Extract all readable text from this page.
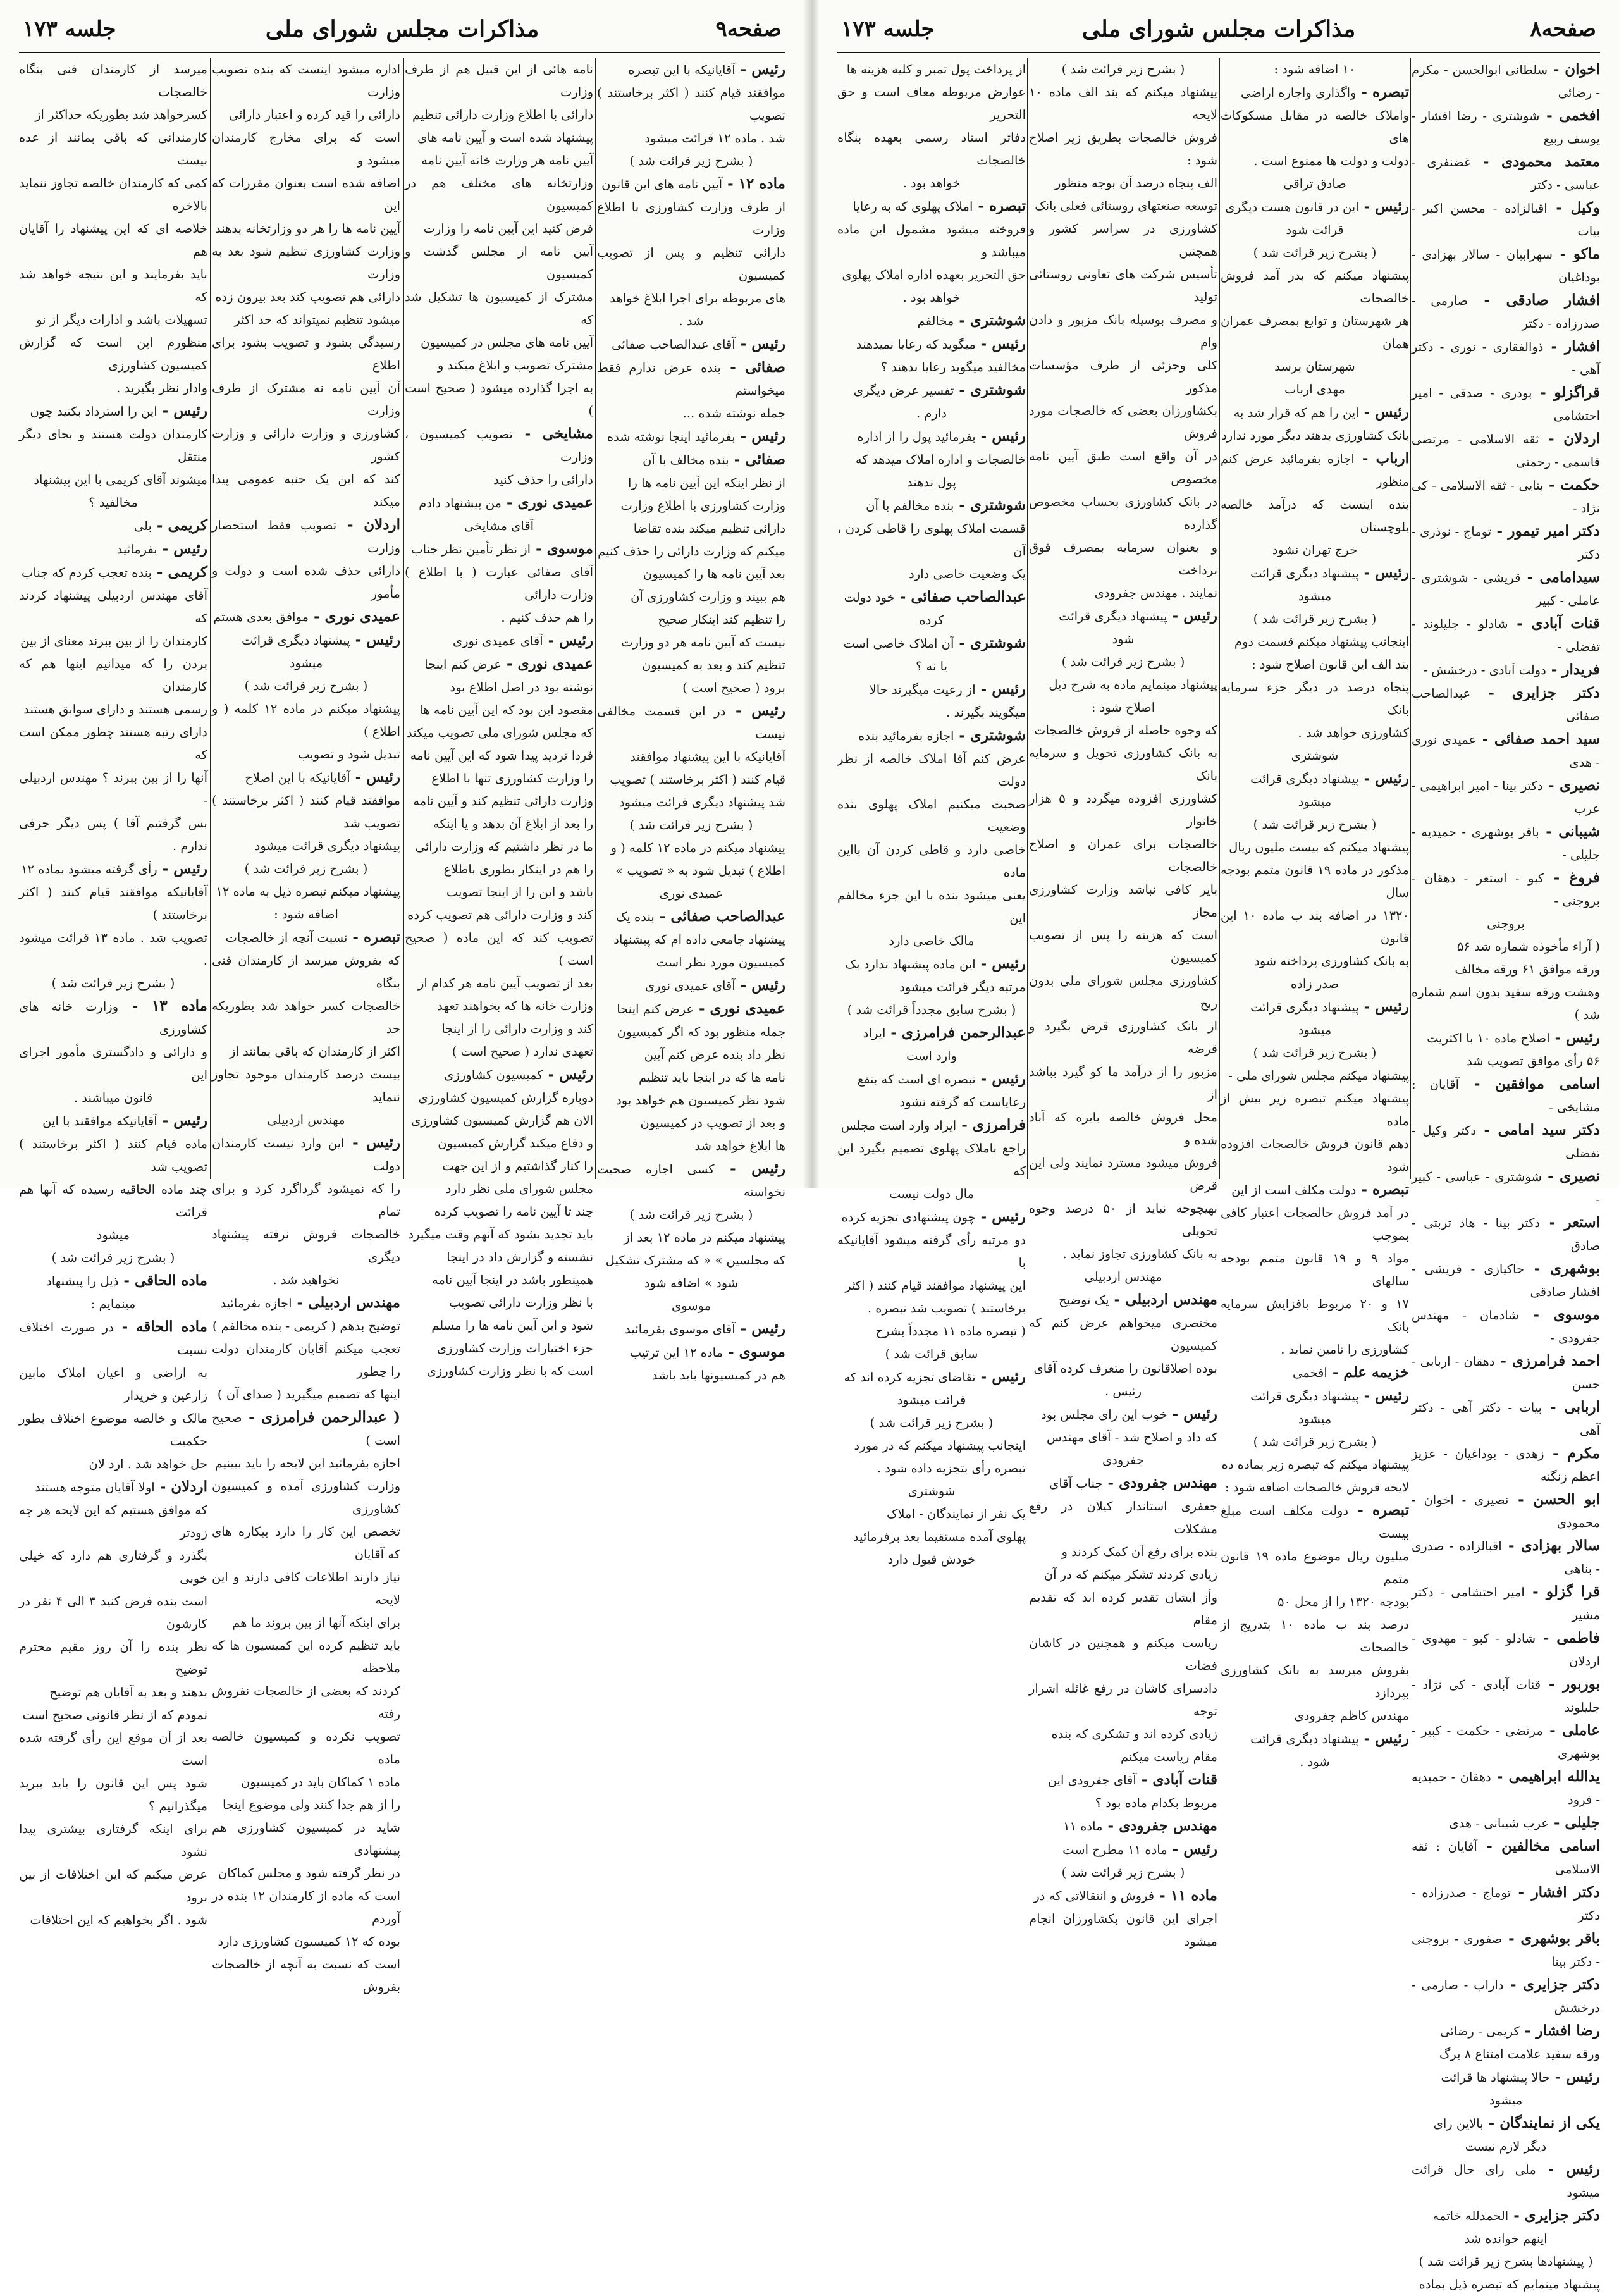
جلسه ۱۷۳	مذاکرات مجلس شورای ملی	صفحه۹

میرسد از کارمندان فنی بنگاه خالصجات

کسرخواهد شد بطوریکه حداکثر از

کارمندانی که باقی بمانند از عده بیست

کمی که کارمندان خالصه تجاوز ننماید بالاخره

خلاصه ای که این پیشنهاد را آقایان هم

باید بفرمایند و این نتیجه خواهد شد که

تسهیلات باشد و ادارات دیگر از نو

منظورم این است که گزارش کمیسیون کشاورزی

وادار نظر بگیرید .

رئیس - این را استرداد بکنید چون

کارمندان دولت هستند و بجای دیگر منتقل

میشوند آقای کریمی با این پیشنهاد

مخالفید ؟

کریمی - بلی

رئیس - بفرمائید

کریمی - بنده تعجب کردم که جناب

آقای مهندس اردبیلی پیشنهاد کردند که

کارمندان را از بین ببرند معنای از بین

بردن را که میدانیم اینها هم که کارمندان

رسمی هستند و دارای سوابق هستند

دارای رتبه هستند چطور ممکن است که

آنها را از بین ببرند ؟ مهندس اردبیلی -

بس گرفتیم آقا ) پس دیگر حرفی ندارم .

رئیس - رأی گرفته میشود بماده ۱۲

آقایانیکه موافقند قیام کنند ( اکثر برخاستند )

تصویب شد . ماده ۱۳ قرائت میشود .

( بشرح زیر قرائت شد )

ماده ۱۳ - وزارت خانه های کشاورزی

و دارائی و دادگستری مأمور اجرای این

قانون میباشند .

رئیس - آقایانیکه موافقند با این

ماده قیام کنند ( اکثر برخاستند ) تصویب شد

چند ماده الحاقیه رسیده که آنها هم قرائت

میشود

( بشرح زیر قرائت شد )

ماده الحاقی - ذیل را پیشنهاد

مینمایم :

ماده الحاقه - در صورت اختلاف نسبت

به اراضی و اعیان املاک مابین زارعین و خریدار

مالک و خالصه موضوع اختلاف بطور حکمیت

حل خواهد شد . ارد لان

اردلان - اولا آقایان متوجه هستند

که موافق هستیم که این لایحه هر چه زودتر

بگذرد و گرفتاری هم دارد که خیلی خوبی

است بنده فرض کنید ۳ الی ۴ نفر در کارشون

نظر بنده را آن روز مقیم محترم توضیح

بدهند و بعد به آقایان هم توضیح

نمودم که از نظر قانونی صحیح است

بعد از آن موقع این رأی گرفته شده است

شود پس این قانون را باید ببرید میگذرانیم ؟

برای اینکه گرفتاری بیشتری پیدا نشود

عرض میکنم که این اختلافات از بین برود

شود . اگر بخواهیم که این اختلافات

اداره میشود اینست که بنده تصویب وزارت

دارائی را قید کرده و اعتبار دارائی

است که برای مخارج کارمندان میشود و

اضافه شده است بعنوان مقررات که این

آیین نامه ها را هر دو وزارتخانه بدهند

وزارت کشاورزی تنظیم شود بعد به وزارت

دارائی هم تصویب کند بعد بیرون زده

میشود تنظیم نمیتواند که حد اکثر

رسیدگی بشود و تصویب بشود برای اطلاع

آن آیین نامه نه مشترک از طرف وزارت

کشاورزی و وزارت دارائی و وزارت کشور

کند که این یک جنبه عمومی پیدا میکند

اردلان - تصویب فقط استحضار وزارت

دارائی حذف شده است و دولت و مأمور

عمیدی نوری - موافق بعدی هستم

رئیس - پیشنهاد دیگری قرائت

میشود

( بشرح زیر قرائت شد )

پیشنهاد میکنم در ماده ۱۲ کلمه ( و اطلاع )

تبدیل شود و تصویب

رئیس - آقایانیکه با این اصلاح

موافقند قیام کنند ( اکثر برخاستند ) تصویب شد

پیشنهاد دیگری قرائت میشود

( بشرح زیر قرائت شد )

پیشنهاد میکنم تبصره ذیل به ماده ۱۲

اضافه شود :

تبصره - نسبت آنچه از خالصجات

که بفروش میرسد از کارمندان فنی بنگاه

خالصجات کسر خواهد شد بطوریکه حد

اکثر از کارمندان که باقی بمانند از

بیست درصد کارمندان موجود تجاوز ننماید

مهندس اردبیلی

رئیس - این وارد نیست کارمندان دولت

را که نمیشود گرداگرد کرد و برای تمام

خالصجات فروش نرفته پیشنهاد دیگری

نخواهید شد .

مهندس اردبیلی - اجازه بفرمائید

توضیح بدهم ( کریمی - بنده مخالفم )

تعجب میکنم آقایان کارمندان دولت را چطور

اینها که تصمیم میگیرید ( صدای آن )

( عبدالرحمن فرامرزی - صحیح است )

اجازه بفرمائید این لایحه را باید ببینیم

وزارت کشاورزی آمده و کمیسیون کشاورزی

تخصص این کار را دارد بیکاره های که آقایان

نیاز دارند اطلاعات کافی دارند و این لایحه

برای اینکه آنها از بین بروند ما هم

باید تنظیم کرده این کمیسیون ها که ملاحظه

کردند که بعضی از خالصجات نفروش رفته

تصویب نکرده و کمیسیون خالصه ماده

ماده ۱ کماکان باید در کمیسیون

را از هم جدا کنند ولی موضوع اینجا

شاید در کمیسیون کشاورزی هم پیشنهادی

در نظر گرفته شود و مجلس کماکان

است که ماده از کارمندان ۱۲ بنده در آوردم

بوده که ۱۲ کمیسیون کشاورزی دارد

است که نسبت به آنچه از خالصجات بفروش

نامه هائی از این قبیل هم از طرف وزارت

دارائی با اطلاع وزارت دارائی تنظیم

پیشنهاد شده است و آیین نامه های

آیین نامه هر وزارت خانه آیین نامه

وزارتخانه های مختلف هم در کمیسیون

فرض کنید این آیین نامه را وزارت

آیین نامه از مجلس گذشت و کمیسیون

مشترک از کمیسیون ها تشکیل شد که

آیین نامه های مجلس در کمیسیون

مشترک تصویب و ابلاغ میکند و

به اجرا گذارده میشود ( صحیح است )

مشایخی - تصویب کمیسیون ، وزارت

دارائی را حذف کنید

عمیدی نوری - من پیشنهاد دادم

آقای مشایخی

موسوی - از نظر تأمین نظر جناب

آقای صفائی عبارت ( با اطلاع ) وزارت دارائی

را هم حذف کنیم .

رئیس - آقای عمیدی نوری

عمیدی نوری - عرض کنم اینجا

نوشته بود در اصل اطلاع بود

مقصود این بود که این آیین نامه ها

که مجلس شورای ملی تصویب میکند

فردا تردید پیدا شود که این آیین نامه

را وزارت کشاورزی تنها با اطلاع

وزارت دارائی تنظیم کند و آیین نامه

را بعد از ابلاغ آن بدهد و یا اینکه

ما در نظر داشتیم که وزارت دارائی

را هم در اینکار بطوری باطلاع

باشد و این را از اینجا تصویب

کند و وزارت دارائی هم تصویب کرده

تصویب کند که این ماده ( صحیح است )

بعد از تصویب آیین نامه هر کدام از

وزارت خانه ها که بخواهند تعهد

کند و وزارت دارائی را از اینجا

تعهدی ندارد ( صحیح است )

رئیس - کمیسیون کشاورزی

دوباره گزارش کمیسیون کشاورزی

الان هم گزارش کمیسیون کشاورزی

و دفاع میکند گزارش کمیسیون

را کنار گذاشتیم و از این جهت

مجلس شورای ملی نظر دارد

چند تا آیین نامه را تصویب کرده

باید تجدید بشود که آنهم وقت میگیرد

نشسته و گزارش داد در اینجا

همینطور باشد در اینجا آیین نامه

با نظر وزارت دارائی تصویب

شود و این آیین نامه ها را مسلم

جزء اختیارات وزارت کشاورزی

است که با نظر وزارت کشاورزی

رئیس - آقایانیکه با این تبصره

موافقند قیام کنند ( اکثر برخاستند ) تصویب

شد . ماده ۱۲ قرائت میشود

( بشرح زیر قرائت شد )

ماده ۱۲ - آیین نامه های این قانون

از طرف وزارت کشاورزی با اطلاع وزارت

دارائی تنظیم و پس از تصویب کمیسیون

های مربوطه برای اجرا ابلاغ خواهد

شد .

رئیس - آقای عبدالصاحب صفائی

صفائی - بنده عرض ندارم فقط میخواستم

جمله نوشته شده ...

رئیس - بفرمائید اینجا نوشته شده

صفائی - بنده مخالف با آن

از نظر اینکه این آیین نامه ها را

وزارت کشاورزی با اطلاع وزارت

دارائی تنظیم میکند بنده تقاضا

میکنم که وزارت دارائی را حذف کنیم

بعد آیین نامه ها را کمیسیون

هم ببیند و وزارت کشاورزی آن

را تنظیم کند اینکار صحیح

نیست که آیین نامه هر دو وزارت

تنظیم کند و بعد به کمیسیون

برود ( صحیح است )

رئیس - در این قسمت مخالفی نیست

آقایانیکه با این پیشنهاد موافقند

قیام کنند ( اکثر برخاستند ) تصویب

شد پیشنهاد دیگری قرائت میشود

( بشرح زیر قرائت شد )

پیشنهاد میکنم در ماده ۱۲ کلمه ( و

اطلاع ) تبدیل شود به « تصویب »

عمیدی نوری

عبدالصاحب صفائی - بنده یک

پیشنهاد جامعی داده ام که پیشنهاد

کمیسیون مورد نظر است

رئیس - آقای عمیدی نوری

عمیدی نوری - عرض کنم اینجا

جمله منظور بود که اگر کمیسیون

نظر داد بنده عرض کنم آیین

نامه ها که در اینجا باید تنظیم

شود نظر کمیسیون هم خواهد بود

و بعد از تصویب در کمیسیون

ها ابلاغ خواهد شد

رئیس - کسی اجازه صحبت نخواسته

( بشرح زیر قرائت شد )

پیشنهاد میکنم در ماده ۱۲ بعد از

که مجلسین » « که مشترک تشکیل

شود » اضافه شود

موسوی

رئیس - آقای موسوی بفرمائید

موسوی - ماده ۱۲ این ترتیب

هم در کمیسیونها باید باشد

جلسه ۱۷۳	مذاکرات مجلس شورای ملی	صفحه۸

از پرداخت پول تمبر و کلیه هزینه ها

عوارض مربوطه معاف است و حق التحریر

دفاتر اسناد رسمی بعهده بنگاه خالصجات

خواهد بود .

تبصره - املاک پهلوی که به رعایا

فروخته میشود مشمول این ماده میباشد و

حق التحریر بعهده اداره املاک پهلوی

خواهد بود .

شوشتری - مخالفم

رئیس - میگوید که رعایا نمیدهند

مخالفید میگوید رعایا بدهند ؟

شوشتری - تفسیر عرض دیگری

دارم .

رئیس - بفرمائید پول را از اداره

خالصجات و اداره املاک میدهد که

پول ندهند

شوشتری - بنده مخالفم با آن

قسمت املاک پهلوی را قاطی کردن ، آن

یک وضعیت خاصی دارد

عبدالصاحب صفائی - خود دولت

کرده

شوشتری - آن املاک خاصی است

یا نه ؟

رئیس - از رعیت میگیرند حالا

میگویند بگیرند .

شوشتری - اجازه بفرمائید بنده

عرض کنم آقا املاک خالصه از نظر دولت

صحبت میکنیم املاک پهلوی بنده وضعیت

خاصی دارد و قاطی کردن آن بااین ماده

یعنی میشود بنده با این جزء مخالفم این

مالک خاصی دارد

رئیس - این ماده پیشنهاد ندارد بک

مرتبه دیگر قرائت میشود

( بشرح سابق مجدداً قرائت شد )

عبدالرحمن فرامرزی - ایراد

وارد است

رئیس - تبصره ای است که بنفع

رعایاست که گرفته نشود

فرامرزی - ایراد وارد است مجلس

راجع باملاک پهلوی تصمیم بگیرد این که

مال دولت نیست

رئیس - چون پیشنهادی تجزیه کرده

دو مرتبه رأی گرفته میشود آقایانیکه با

این پیشنهاد موافقند قیام کنند ( اکثر

برخاستند ) تصویب شد تبصره .

( تبصره ماده ۱۱ مجدداً بشرح

سابق قرائت شد )

رئیس - تقاضای تجزیه کرده اند که

قرائت میشود

( بشرح زیر قرائت شد )

اینجانب پیشنهاد میکنم که در مورد

تبصره رأی بتجزیه داده شود .

شوشتری

یک نفر از نمایندگان - املاک

پهلوی آمده مستقیما بعد برفرمائید

خودش قبول دارد

( بشرح زیر قرائت شد )

پیشنهاد میکنم که بند الف ماده ۱۰ لایحه

فروش خالصجات بطریق زیر اصلاح شود :

الف پنجاه درصد آن بوجه منظور

توسعه صنعتهای روستائی فعلی بانک

کشاورزی در سراسر کشور و همچنین

تأسیس شرکت های تعاونی روستائی تولید

و مصرف بوسیله بانک مزبور و دادن وام

کلی وجزئی از طرف مؤسسات مذکور

بکشاورزان بعضی که خالصجات مورد فروش

در آن واقع است طبق آیین نامه مخصوص

در بانک کشاورزی بحساب مخصوص گذارده

و بعنوان سرمایه بمصرف فوق برداخت

نمایند . مهندس جفرودی

رئیس - پیشنهاد دیگری قرائت

شود

( بشرح زیر قرائت شد )

پیشنهاد مینمایم ماده به شرح ذیل

اصلاح شود :

که وجوه حاصله از فروش خالصجات

به بانک کشاورزی تحویل و سرمایه بانک

کشاورزی افزوده میگردد و ۵ هزار خانوار

خالصجات برای عمران و اصلاح خالصجات

بایر کافی نباشد وزارت کشاورزی مجاز

است که هزینه را پس از تصویب کمیسیون

کشاورزی مجلس شورای ملی بدون ربح

از بانک کشاورزی قرض بگیرد و قرضه

مزبور را از درآمد ما کو گیرد بباشد از

محل فروش خالصه بایره که آباد شده و

فروش میشود مسترد نمایند ولی این قرض

بهیچوجه نباید از ۵۰ درصد وجوه تحویلی

به بانک کشاورزی تجاوز نماید .

مهندس اردبیلی

مهندس اردبیلی - یک توضیح

مختصری میخواهم عرض کنم که کمیسیون

بوده اصلاقانون را متعرف کرده آقای

رئیس .

رئیس - خوب این رای مجلس بود

که داد و اصلاح شد - آقای مهندس

جفرودی

مهندس جفرودی - جناب آقای

جعفری استاندار کیلان در رفع مشکلات

بنده برای رفع آن کمک کردند و

زیادی کردند تشکر میکنم که در آن

وأز ایشان تقدیر کرده اند که تقدیم مقام

ریاست میکنم و همچنین در کاشان فضات

دادسرای کاشان در رفع غائله اشرار توجه

زیادی کرده اند و تشکری که بنده

مقام ریاست میکنم

قنات آبادی - آقای جفرودی این

مربوط بکدام ماده بود ؟

مهندس جفرودی - ماده ۱۱

رئیس - ماده ۱۱ مطرح است

( بشرح زیر قرائت شد )

ماده ۱۱ - فروش و انتقالاتی که در

اجرای این قانون بکشاورزان انجام میشود

۱۰ اضافه شود :

تبصره - واگذاری واجاره اراضی

واملاک خالصه در مقابل مسکوکات های

دولت و دولت ها ممنوع است .

صادق تراقی

رئیس - این در قانون هست دیگری

قرائت شود

( بشرح زیر قرائت شد )

پیشنهاد میکنم که بدر آمد فروش خالصجات

هر شهرستان و توابع بمصرف عمران همان

شهرستان برسد

مهدی ارباب

رئیس - این را هم که قرار شد به

بانک کشاورزی بدهند دیگر مورد ندارد

ارباب - اجازه بفرمائید عرض کنم منظور

بنده اینست که درآمد خالصه بلوچستان

خرج تهران نشود

رئیس - پیشنهاد دیگری قرائت

میشود

( بشرح زیر قرائت شد )

اینجانب پیشنهاد میکنم قسمت دوم

بند الف این قانون اصلاح شود :

پنجاه درصد در دیگر جزء سرمایه بانک

کشاورزی خواهد شد .

شوشتری

رئیس - پیشنهاد دیگری قرائت

میشود

( بشرح زیر قرائت شد )

پیشنهاد میکنم که بیست ملیون ریال

مذکور در ماده ۱۹ قانون متمم بودجه سال

۱۳۲۰ در اضافه بند ب ماده ۱۰ این قانون

به بانک کشاورزی پرداخته شود

صدر زاده

رئیس - پیشنهاد دیگری قرائت

میشود

( بشرح زیر قرائت شد )

پیشنهاد میکنم مجلس شورای ملی -

پیشنهاد میکنم تبصره زیر بیش از ماده

دهم قانون فروش خالصجات افزوده شود

تبصره - دولت مکلف است از این

در آمد فروش خالصجات اعتبار کافی بموجب

مواد ۹ و ۱۹ قانون متمم بودجه سالهای

۱۷ و ۲۰ مربوط بافزایش سرمایه بانک

کشاورزی را تامین نماید .

خزیمه علم - افخمی

رئیس - پیشنهاد دیگری قرائت

میشود

( بشرح زیر قرائت شد )

پیشنهاد میکنم که تبصره زیر بماده ده

لایحه فروش خالصجات اضافه شود :

تبصره - دولت مکلف است مبلغ بیست

میلیون ریال موضوع ماده ۱۹ قانون متمم

بودجه ۱۳۲۰ را از محل ۵۰

درصد بند ب ماده ۱۰ بتدریج از خالصجات

بفروش میرسد به بانک کشاورزی بپردازد

مهندس کاظم جفرودی

رئیس - پیشنهاد دیگری قرائت

شود .

اخوان - سلطانی ابوالحسن - مکرم - رضائی

افخمی - شوشتری - رضا افشار - یوسف ربیع

معتمد محمودی - غضنفری - عباسی - دکتر

وکیل - اقبالزاده - محسن اکبر - بیات

ماکو - سهرابیان - سالار بهزادی - بوداغیان

افشار صادقی - صارمی - صدرزاده - دکتر

افشار - ذوالفقاری - نوری - دکتر آهی -

قراگزلو - بودری - صدقی - امیر احتشامی

اردلان - ثقه الاسلامی - مرتضی قاسمی - رحمتی

حکمت - بنایی - ثقه الاسلامی - کی نژاد -

دکتر امیر تیمور - توماج - نوذری - دکتر

سیدامامی - قریشی - شوشتری - عاملی - کبیر

قنات آبادی - شادلو - جلیلوند - تفضلی -

فریدار - دولت آبادی - درخشش -

دکتر جزایری - عبدالصاحب صفائی

سید احمد صفائی - عمیدی نوری - هدی

نصیری - دکتر بینا - امیر ابراهیمی - عرب

شیبانی - باقر بوشهری - حمیدیه - جلیلی -

فروغ - کبو - استعر - دهقان - بروجنی -

بروجنی

( آراء مأخوذه شماره شد ۵۶

ورقه موافق ۶۱ ورقه مخالف

وهشت ورقه سفید بدون اسم شماره شد )

رئیس - اصلاح ماده ۱۰ با اکثریت

۵۶ رأی موافق تصویب شد

اسامی موافقین - آقایان : مشایخی -

دکتر سید امامی - دکتر وکیل - تفضلی

نصیری - شوشتری - عباسی - کبیر -

استعر - دکتر بینا - هاد تربتی - صادق

بوشهری - حاکیازی - قریشی - افشار صادقی

موسوی - شادمان - مهندس جفرودی -

احمد فرامرزی - دهقان - اربابی - حسن

اربابی - بیات - دکتر آهی - دکتر آهی

مکرم - زهدی - بوداغیان - عزیز اعظم زنگنه

ابو الحسن - نصیری - اخوان - محمودی

سالار بهزادی - اقبالزاده - صدری - بناهی

قرا گزلو - امیر احتشامی - دکتر مشیر

فاطمی - شادلو - کبو - مهدوی - اردلان

بوربور - قنات آبادی - کی نژاد - جلیلوند

عاملی - مرتضی - حکمت - کبیر - بوشهری

یدالله ابراهیمی - دهقان - حمیدیه - فرود

جلیلی - عرب شیبانی - هدی

اسامی مخالفین - آقایان : ثقه الاسلامی

دکتر افشار - توماج - صدرزاده - دکتر

باقر بوشهری - صفوری - بروجنی - دکتر بینا

دکتر جزایری - داراب - صارمی - درخشش

رضا افشار - کریمی - رضائی

ورقه سفید علامت امتناع ۸ برگ

رئیس - حالا پیشنهاد ها قرائت

میشود

یکی از نمایندگان - بالاین رای

دیگر لازم نیست

رئیس - ملی رای حال قرائت میشود

دکتر جزایری - الحمدلله خاتمه

اینهم خوانده شد

( پیشنهادها بشرح زیر قرائت شد )

پیشنهاد مینمایم که تبصره ذیل بماده
